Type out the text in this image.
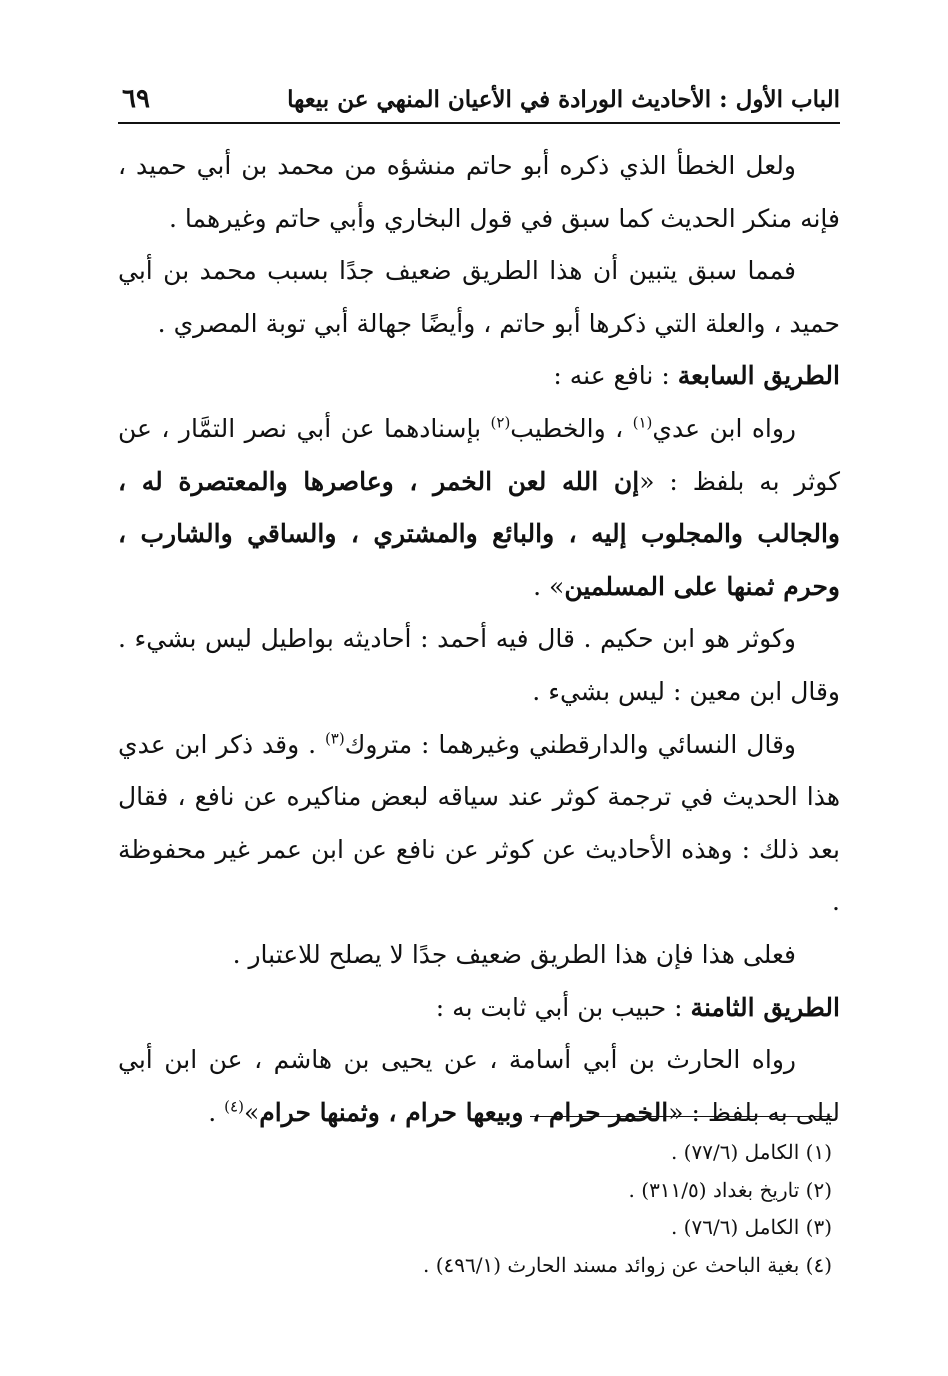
الباب الأول : الأحاديث الورادة في الأعيان المنهي عن بيعها
٦٩

ولعل الخطأ الذي ذكره أبو حاتم منشؤه من محمد بن أبي حميد ، فإنه منكر الحديث كما سبق في قول البخاري وأبي حاتم وغيرهما .

فمما سبق يتبين أن هذا الطريق ضعيف جدًا بسبب محمد بن أبي حميد ، والعلة التي ذكرها أبو حاتم ، وأيضًا جهالة أبي توبة المصري .

الطريق السابعة : نافع عنه :

رواه ابن عدي$^{(١)}$ ، والخطيب$^{(٢)}$ بإسنادهما عن أبي نصر التمَّار ، عن كوثر به بلفظ : «إن الله لعن الخمر ، وعاصرها والمعتصرة له ، والجالب والمجلوب إليه ، والبائع والمشتري ، والساقي والشارب ، وحرم ثمنها على المسلمين» .

وكوثر هو ابن حكيم . قال فيه أحمد : أحاديثه بواطيل ليس بشيء . وقال ابن معين : ليس بشيء .

وقال النسائي والدارقطني وغيرهما : متروك$^{(٣)}$ . وقد ذكر ابن عدي هذا الحديث في ترجمة كوثر عند سياقه لبعض مناكيره عن نافع ، فقال بعد ذلك : وهذه الأحاديث عن كوثر عن نافع عن ابن عمر غير محفوظة .

فعلى هذا فإن هذا الطريق ضعيف جدًا لا يصلح للاعتبار .

الطريق الثامنة : حبيب بن أبي ثابت به :

رواه الحارث بن أبي أسامة ، عن يحيى بن هاشم ، عن ابن أبي ليلى به بلفظ : «الخمر حرام ، وبيعها حرام ، وثمنها حرام»$^{(٤)}$ .

(١) الكامل (٧٧/٦) .

(٢) تاريخ بغداد (٣١١/٥) .

(٣) الكامل (٧٦/٦) .

(٤) بغية الباحث عن زوائد مسند الحارث (٤٩٦/١) .
